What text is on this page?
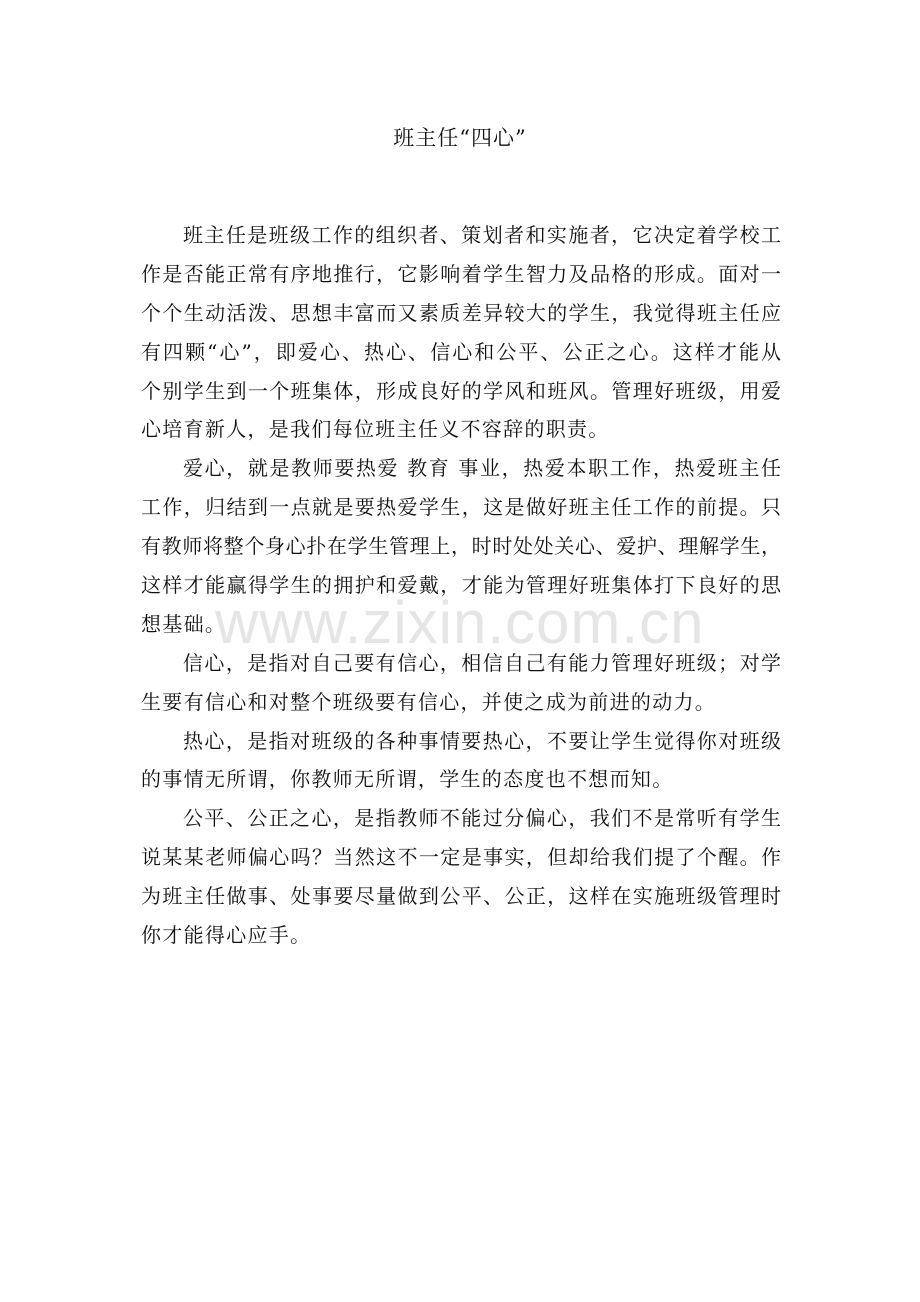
班主任“四心”
班主任是班级工作的组织者、策划者和实施者，它决定着学校工
作是否能正常有序地推行，它影响着学生智力及品格的形成。面对一
个个生动活泼、思想丰富而又素质差异较大的学生，我觉得班主任应
有四颗“心”，即爱心、热心、信心和公平、公正之心。这样才能从
个别学生到一个班集体，形成良好的学风和班风。管理好班级，用爱
心培育新人，是我们每位班主任义不容辞的职责。
爱心，就是教师要热爱 教育 事业，热爱本职工作，热爱班主任
工作，归结到一点就是要热爱学生，这是做好班主任工作的前提。只
有教师将整个身心扑在学生管理上，时时处处关心、爱护、理解学生，
这样才能赢得学生的拥护和爱戴，才能为管理好班集体打下良好的思
想基础。
信心，是指对自己要有信心，相信自己有能力管理好班级；对学
生要有信心和对整个班级要有信心，并使之成为前进的动力。
热心，是指对班级的各种事情要热心，不要让学生觉得你对班级
的事情无所谓，你教师无所谓，学生的态度也不想而知。
公平、公正之心，是指教师不能过分偏心，我们不是常听有学生
说某某老师偏心吗？当然这不一定是事实，但却给我们提了个醒。作
为班主任做事、处事要尽量做到公平、公正，这样在实施班级管理时
你才能得心应手。
www.zixin.com.cn
